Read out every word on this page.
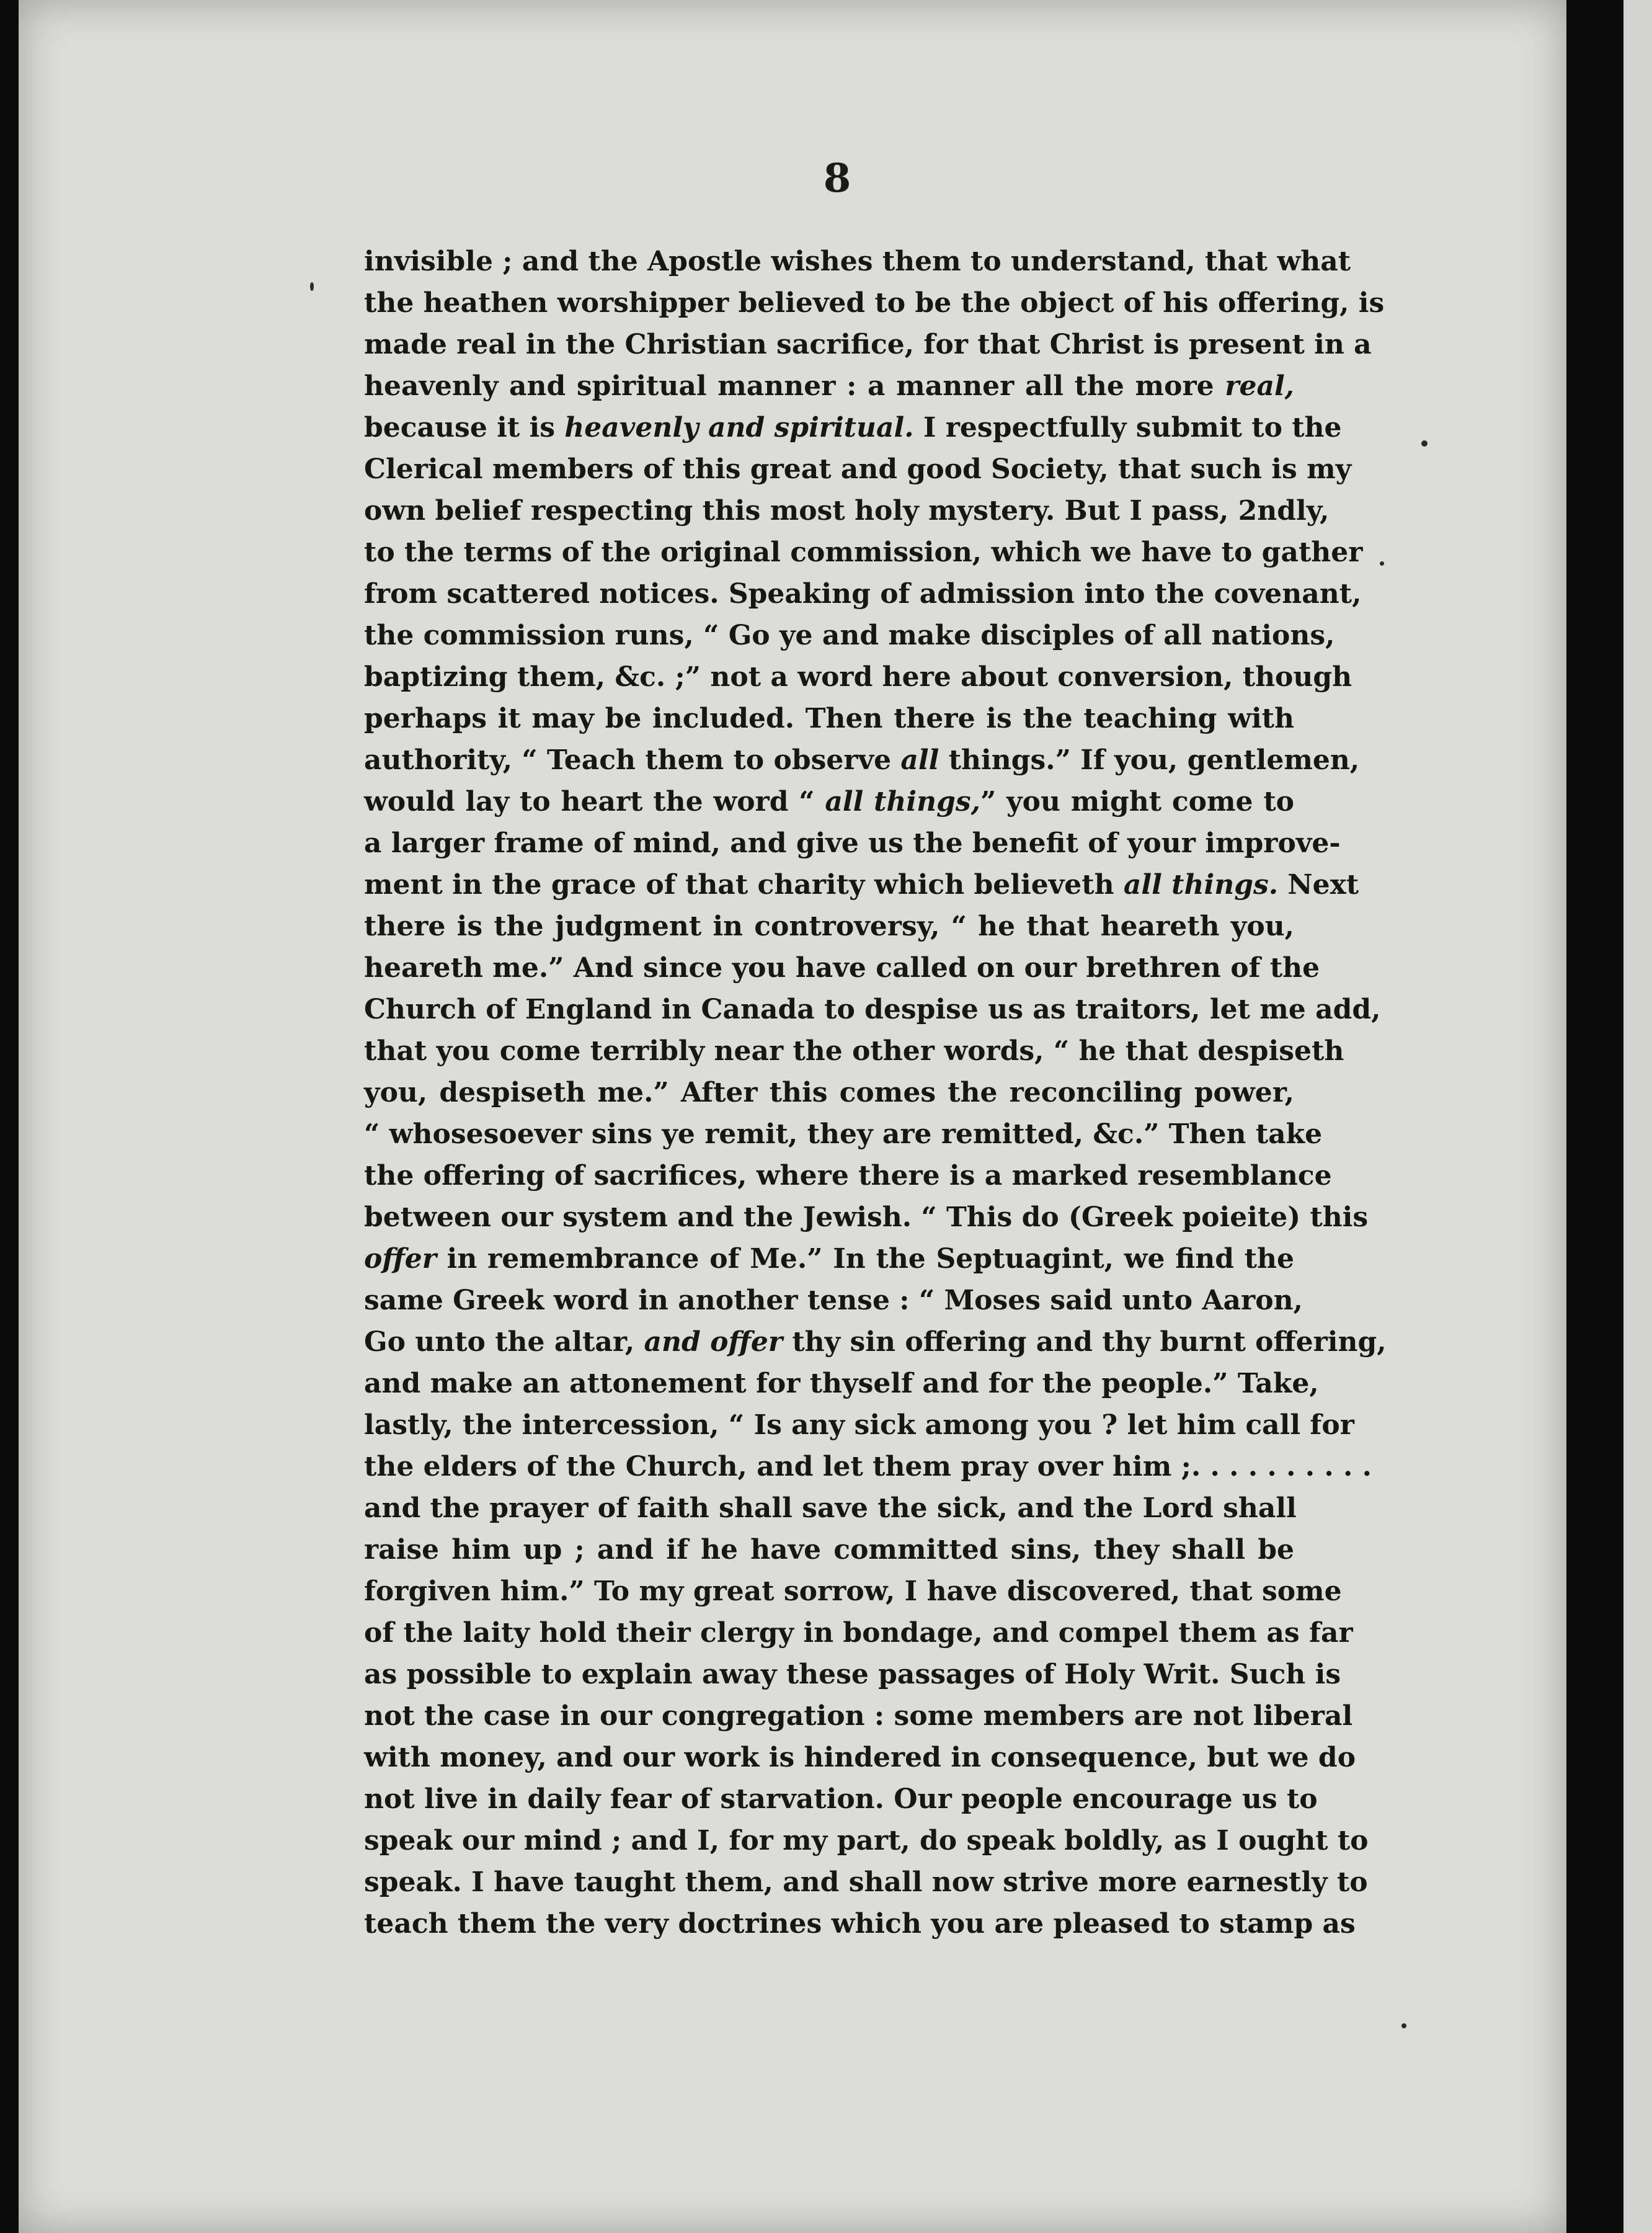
8
invisible ; and the Apostle wishes them to understand, that what
the heathen worshipper believed to be the object of his offering, is
made real in the Christian sacrifice, for that Christ is present in a
heavenly and spiritual manner : a manner all the more real,
because it is heavenly and spiritual. I respectfully submit to the
Clerical members of this great and good Society, that such is my
own belief respecting this most holy mystery. But I pass, 2ndly,
to the terms of the original commission, which we have to gather
from scattered notices. Speaking of admission into the covenant,
the commission runs, “ Go ye and make disciples of all nations,
baptizing them, &c. ;” not a word here about conversion, though
perhaps it may be included. Then there is the teaching with
authority, “ Teach them to observe all things.” If you, gentlemen,
would lay to heart the word “ all things,” you might come to
a larger frame of mind, and give us the benefit of your improve-
ment in the grace of that charity which believeth all things. Next
there is the judgment in controversy, “ he that heareth you,
heareth me.” And since you have called on our brethren of the
Church of England in Canada to despise us as traitors, let me add,
that you come terribly near the other words, “ he that despiseth
you, despiseth me.” After this comes the reconciling power,
“ whosesoever sins ye remit, they are remitted, &c.” Then take
the offering of sacrifices, where there is a marked resemblance
between our system and the Jewish. “ This do (Greek poieite) this
offer in remembrance of Me.” In the Septuagint, we find the
same Greek word in another tense : “ Moses said unto Aaron,
Go unto the altar, and offer thy sin offering and thy burnt offering,
and make an attonement for thyself and for the people.” Take,
lastly, the intercession, “ Is any sick among you ? let him call for
the elders of the Church, and let them pray over him ;. . . . . . . . . .
and the prayer of faith shall save the sick, and the Lord shall
raise him up ; and if he have committed sins, they shall be
forgiven him.” To my great sorrow, I have discovered, that some
of the laity hold their clergy in bondage, and compel them as far
as possible to explain away these passages of Holy Writ. Such is
not the case in our congregation : some members are not liberal
with money, and our work is hindered in consequence, but we do
not live in daily fear of starvation. Our people encourage us to
speak our mind ; and I, for my part, do speak boldly, as I ought to
speak. I have taught them, and shall now strive more earnestly to
teach them the very doctrines which you are pleased to stamp as
